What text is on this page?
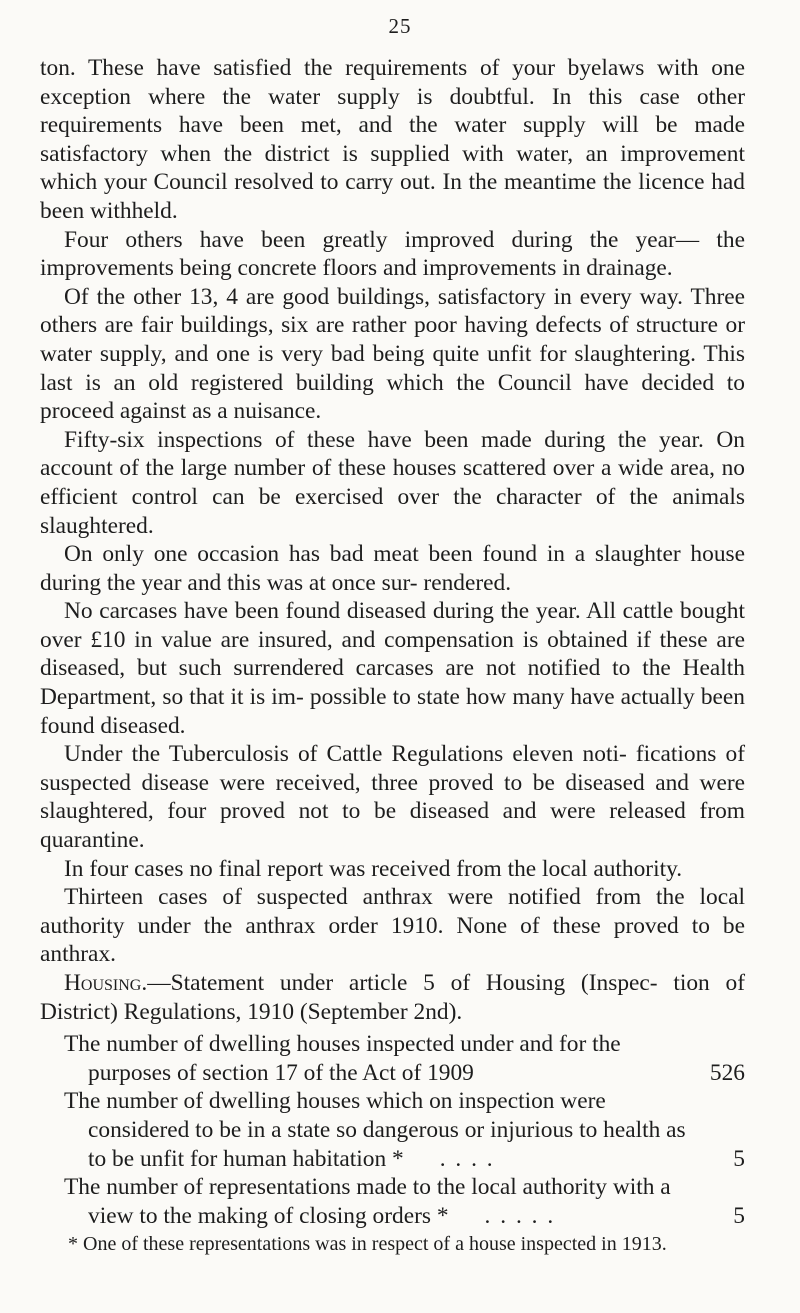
25

ton. These have satisfied the requirements of your byelaws with one exception where the water supply is doubtful. In this case other requirements have been met, and the water supply will be made satisfactory when the district is supplied with water, an improvement which your Council resolved to carry out. In the meantime the licence had been withheld.

Four others have been greatly improved during the year— the improvements being concrete floors and improvements in drainage.

Of the other 13, 4 are good buildings, satisfactory in every way. Three others are fair buildings, six are rather poor having defects of structure or water supply, and one is very bad being quite unfit for slaughtering. This last is an old registered building which the Council have decided to proceed against as a nuisance.

Fifty-six inspections of these have been made during the year. On account of the large number of these houses scattered over a wide area, no efficient control can be exercised over the character of the animals slaughtered.

On only one occasion has bad meat been found in a slaughter house during the year and this was at once sur- rendered.

No carcases have been found diseased during the year. All cattle bought over £10 in value are insured, and compensation is obtained if these are diseased, but such surrendered carcases are not notified to the Health Department, so that it is im- possible to state how many have actually been found diseased.

Under the Tuberculosis of Cattle Regulations eleven noti- fications of suspected disease were received, three proved to be diseased and were slaughtered, four proved not to be diseased and were released from quarantine.

In four cases no final report was received from the local authority.

Thirteen cases of suspected anthrax were notified from the local authority under the anthrax order 1910. None of these proved to be anthrax.

Housing.—Statement under article 5 of Housing (Inspec- tion of District) Regulations, 1910 (September 2nd).

The number of dwelling houses inspected under and for the purposes of section 17 of the Act of 1909	526
The number of dwelling houses which on inspection were considered to be in a state so dangerous or injurious to health as to be unfit for human habitation * . . . .	5
The number of representations made to the local authority with a view to the making of closing orders * . . . . .	5
* One of these representations was in respect of a house inspected in 1913.
